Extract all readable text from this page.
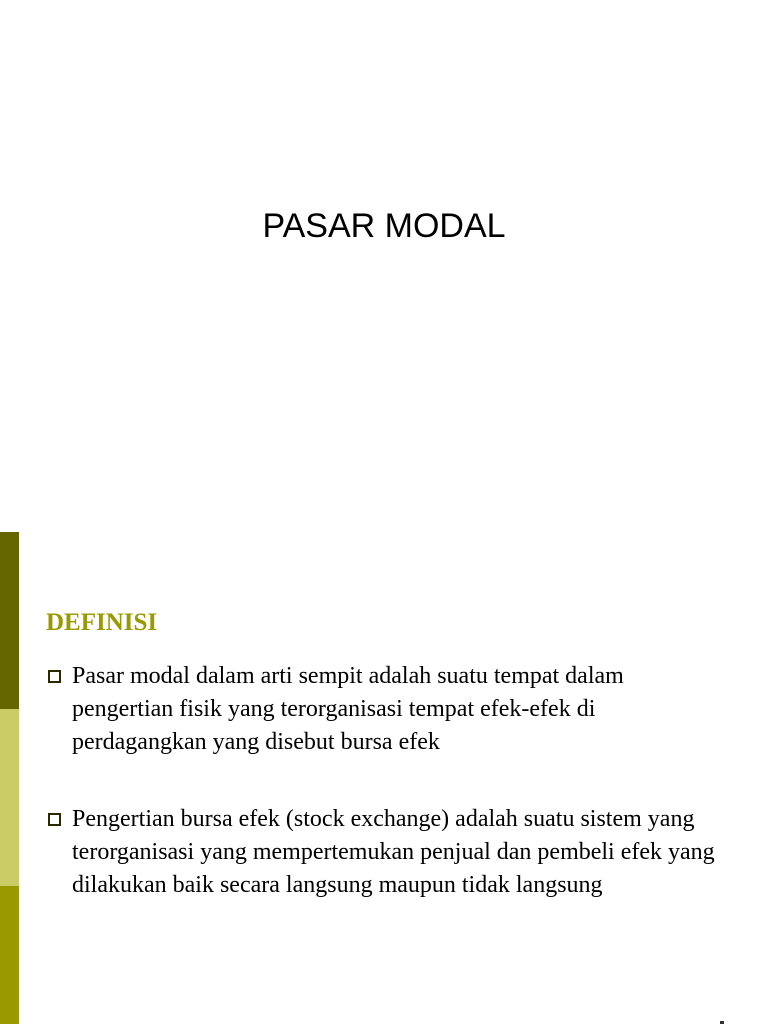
PASAR MODAL
DEFINISI
Pasar modal dalam arti sempit adalah suatu tempat dalam pengertian fisik yang terorganisasi tempat efek-efek di perdagangkan yang disebut bursa efek
Pengertian bursa efek (stock exchange) adalah suatu sistem yang terorganisasi yang mempertemukan penjual dan pembeli efek yang dilakukan baik secara langsung maupun tidak langsung
